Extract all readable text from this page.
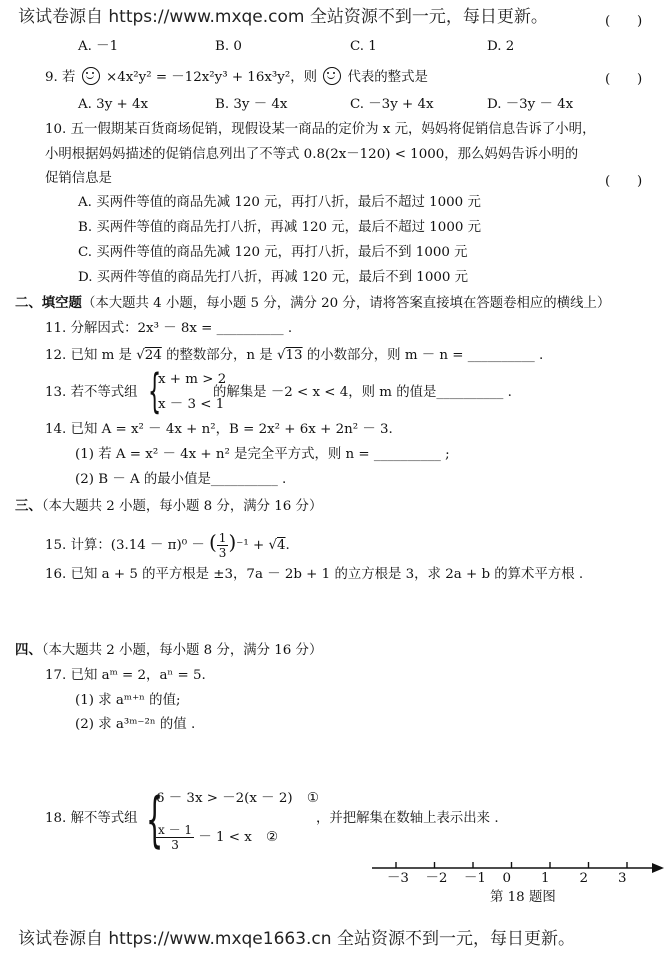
该试卷源自 https://www.mxqe.com 全站资源不到一元，每日更新。	(　　)
A. －1	B. 0	C. 1	D. 2
9. 若 ×4x²y² = －12x²y³ + 16x³y²，则 代表的整式是	(　　)
A. 3y + 4x	B. 3y － 4x	C. －3y + 4x	D. －3y － 4x
10. 五一假期某百货商场促销，现假设某一商品的定价为 x 元，妈妈将促销信息告诉了小明，
小明根据妈妈描述的促销信息列出了不等式 0.8(2x－120) < 1000，那么妈妈告诉小明的
促销信息是	(　　)
A. 买两件等值的商品先减 120 元，再打八折，最后不超过 1000 元
B. 买两件等值的商品先打八折，再减 120 元，最后不超过 1000 元
C. 买两件等值的商品先减 120 元，再打八折，最后不到 1000 元
D. 买两件等值的商品先打八折，再减 120 元，最后不到 1000 元
二、填空题（本大题共 4 小题，每小题 5 分，满分 20 分，请将答案直接填在答题卷相应的横线上）
11. 分解因式：2x³ － 8x = __________ .
12. 已知 m 是 √24 的整数部分，n 是 √13 的小数部分，则 m － n = __________ .
13. 若不等式组 {
x + m > 2
x － 3 < 1
的解集是 －2 < x < 4，则 m 的值是__________ .
14. 已知 A = x² － 4x + n²，B = 2x² + 6x + 2n² － 3.
(1) 若 A = x² － 4x + n² 是完全平方式，则 n = __________ ;
(2) B － A 的最小值是__________ .
三、（本大题共 2 小题，每小题 8 分，满分 16 分）
15. 计算：(3.14 － π)⁰ － ( $\frac{1}{3} )^{-1} + √4$.
16. 已知 a + 5 的平方根是 ±3，7a － 2b + 1 的立方根是 3，求 2a + b 的算术平方根 .
四、（本大题共 2 小题，每小题 8 分，满分 16 分）
17. 已知 aᵐ = 2，aⁿ = 5.
(1) 求 aᵐ⁺ⁿ 的值;
(2) 求 a³ᵐ⁻²ⁿ 的值 .
18. 解不等式组 {
6 － 3x > －2(x － 2) ①
$\frac{x - 1}{3} - 1 < x$ ②
，并把解集在数轴上表示出来 .
－3 －2 －1 0 1 2 3
第 18 题图
该试卷源自 https://www.mxqe1663.cn 全站资源不到一元，每日更新。
